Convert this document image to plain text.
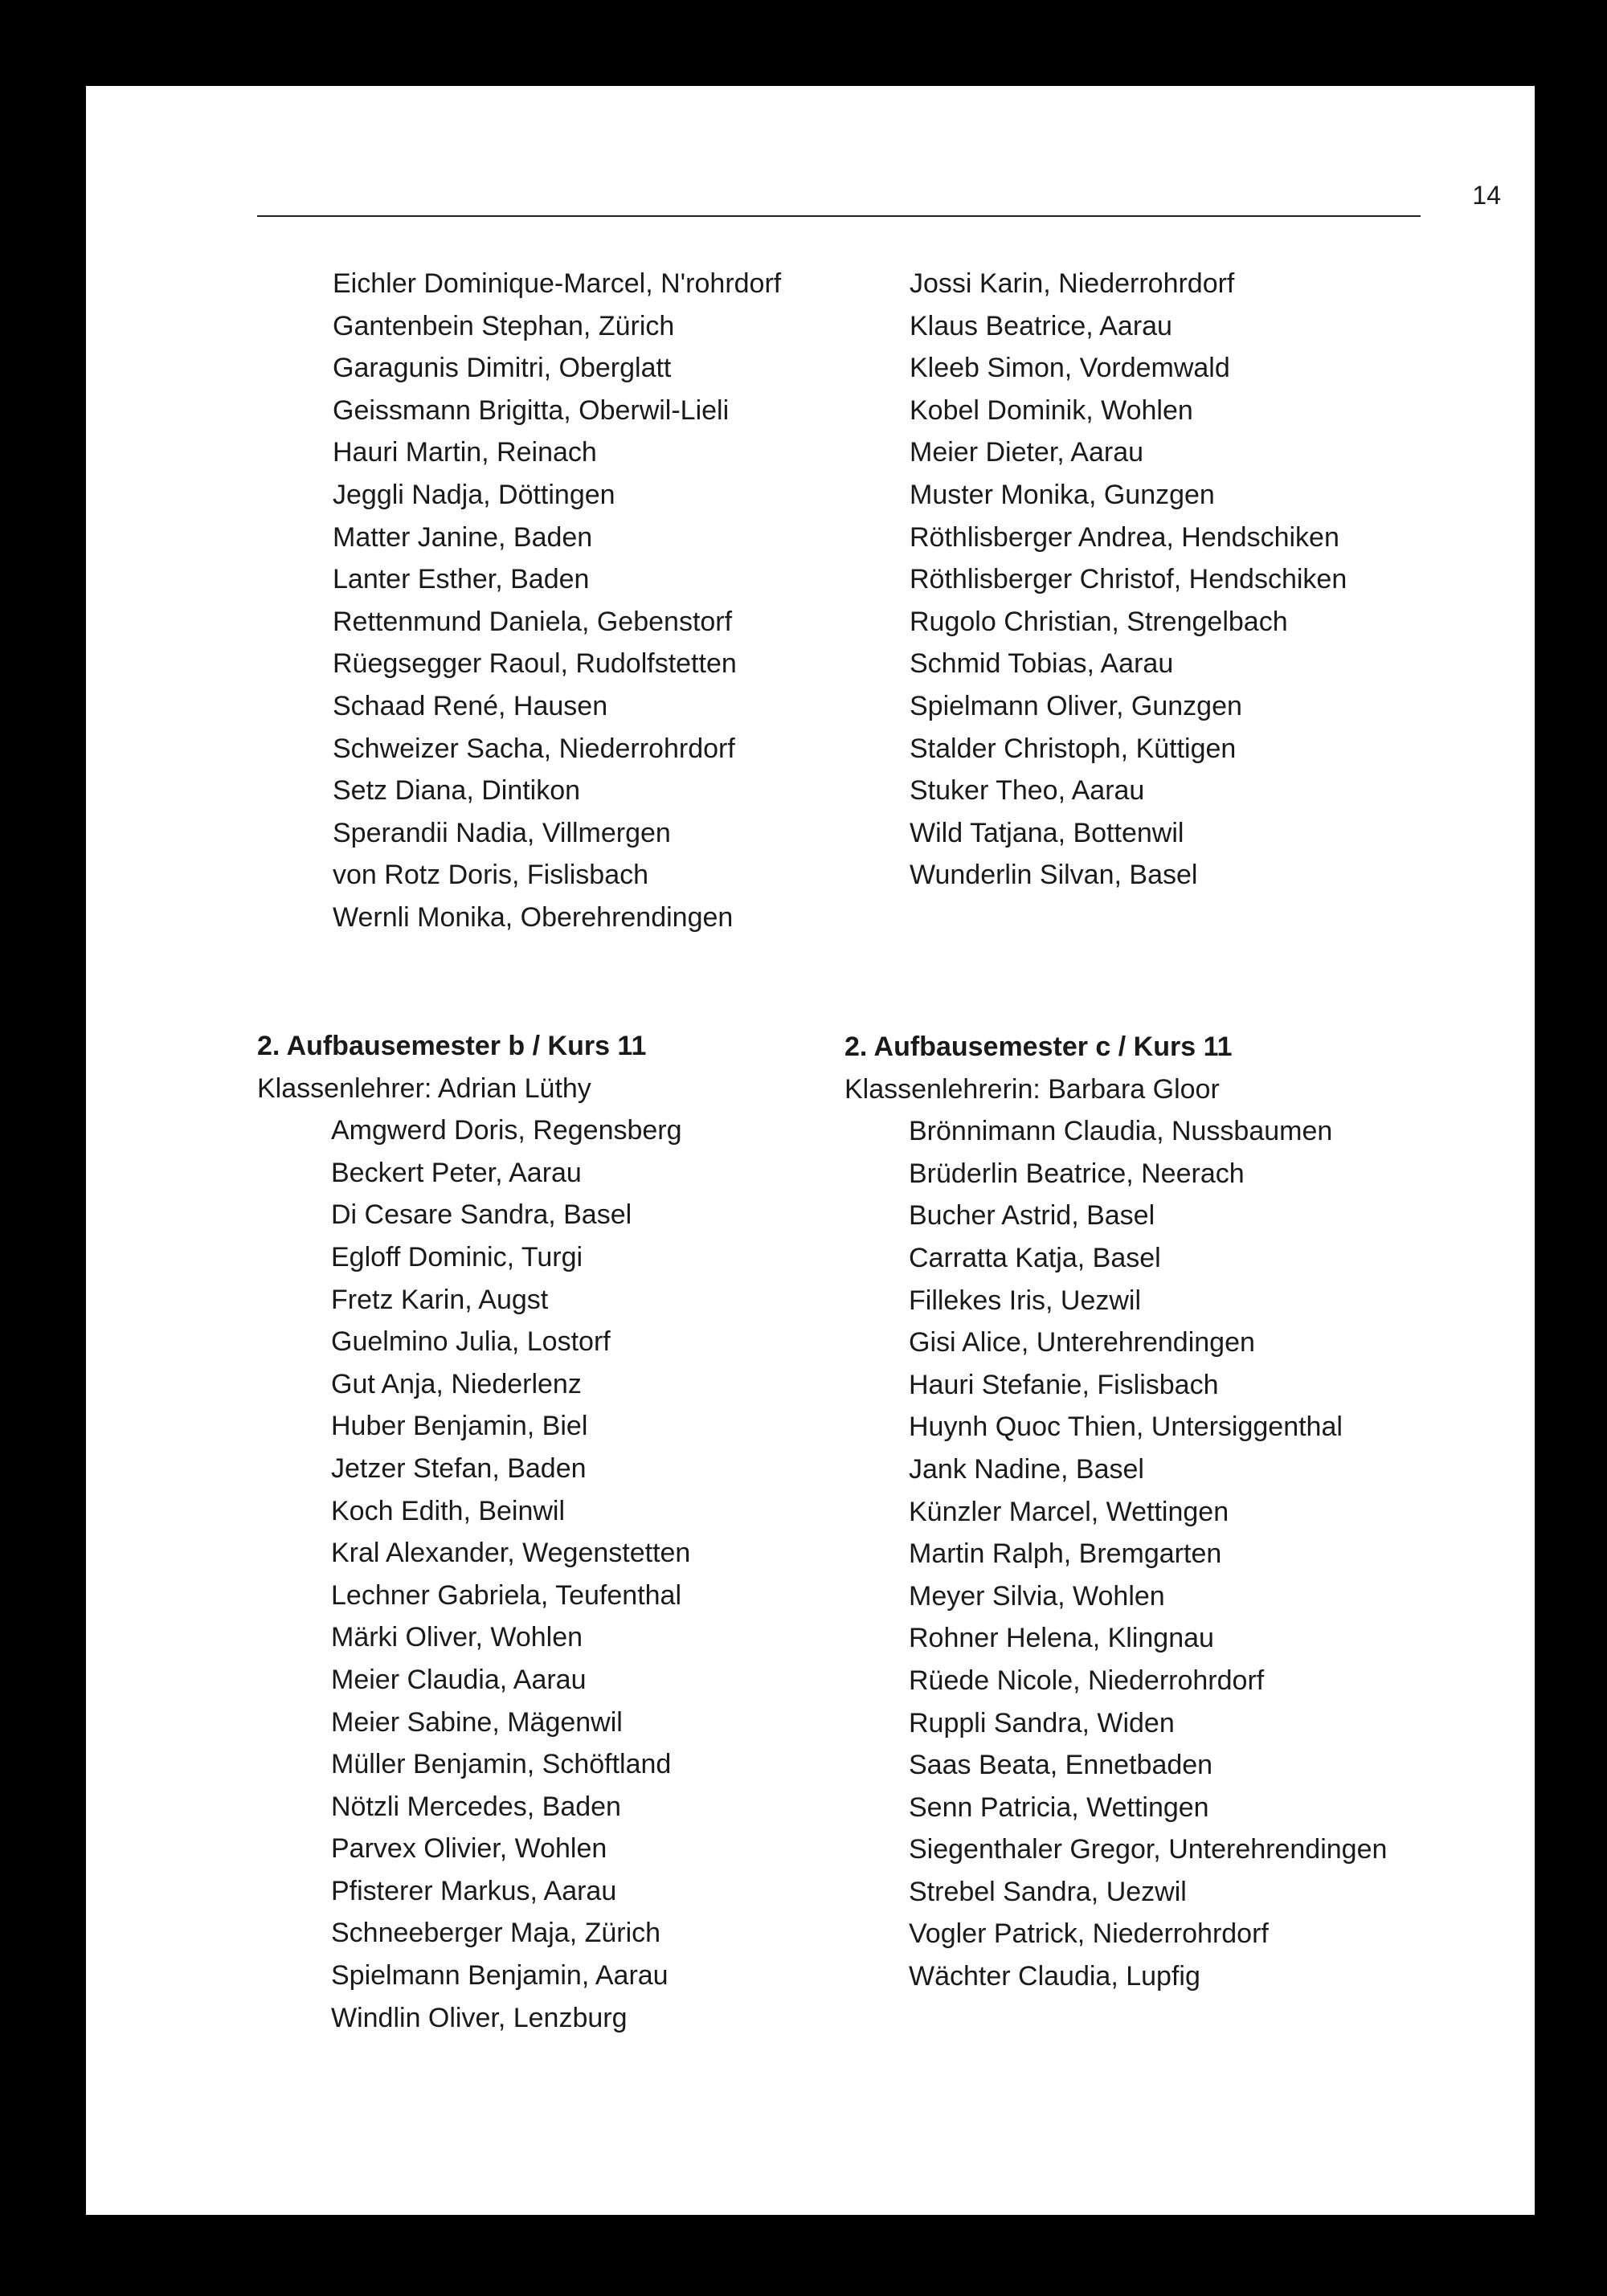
14
Eichler Dominique-Marcel, N'rohrdorf
Gantenbein Stephan, Zürich
Garagunis Dimitri, Oberglatt
Geissmann Brigitta, Oberwil-Lieli
Hauri Martin, Reinach
Jeggli Nadja, Döttingen
Matter Janine, Baden
Lanter Esther, Baden
Rettenmund Daniela, Gebenstorf
Rüegsegger Raoul, Rudolfstetten
Schaad René, Hausen
Schweizer Sacha, Niederrohrdorf
Setz Diana, Dintikon
Sperandii Nadia, Villmergen
von Rotz Doris, Fislisbach
Wernli Monika, Oberehrendingen
Jossi Karin, Niederrohrdorf
Klaus Beatrice, Aarau
Kleeb Simon, Vordemwald
Kobel Dominik, Wohlen
Meier Dieter, Aarau
Muster Monika, Gunzgen
Röthlisberger Andrea, Hendschiken
Röthlisberger Christof, Hendschiken
Rugolo Christian, Strengelbach
Schmid Tobias, Aarau
Spielmann Oliver, Gunzgen
Stalder Christoph, Küttigen
Stuker Theo, Aarau
Wild Tatjana, Bottenwil
Wunderlin Silvan, Basel
2. Aufbausemester b / Kurs 11
Klassenlehrer: Adrian Lüthy
Amgwerd Doris, Regensberg
Beckert Peter, Aarau
Di Cesare Sandra, Basel
Egloff Dominic, Turgi
Fretz Karin, Augst
Guelmino Julia, Lostorf
Gut Anja, Niederlenz
Huber Benjamin, Biel
Jetzer Stefan, Baden
Koch Edith, Beinwil
Kral Alexander, Wegenstetten
Lechner Gabriela, Teufenthal
Märki Oliver, Wohlen
Meier Claudia, Aarau
Meier Sabine, Mägenwil
Müller Benjamin, Schöftland
Nötzli Mercedes, Baden
Parvex Olivier, Wohlen
Pfisterer Markus, Aarau
Schneeberger Maja, Zürich
Spielmann Benjamin, Aarau
Windlin Oliver, Lenzburg
2. Aufbausemester c / Kurs 11
Klassenlehrerin: Barbara Gloor
Brönnimann Claudia, Nussbaumen
Brüderlin Beatrice, Neerach
Bucher Astrid, Basel
Carratta Katja, Basel
Fillekes Iris, Uezwil
Gisi Alice, Unterehrendingen
Hauri Stefanie, Fislisbach
Huynh Quoc Thien, Untersiggenthal
Jank Nadine, Basel
Künzler Marcel, Wettingen
Martin Ralph, Bremgarten
Meyer Silvia, Wohlen
Rohner Helena, Klingnau
Rüede Nicole, Niederrohrdorf
Ruppli Sandra, Widen
Saas Beata, Ennetbaden
Senn Patricia, Wettingen
Siegenthaler Gregor, Unterehrendingen
Strebel Sandra, Uezwil
Vogler Patrick, Niederrohrdorf
Wächter Claudia, Lupfig
